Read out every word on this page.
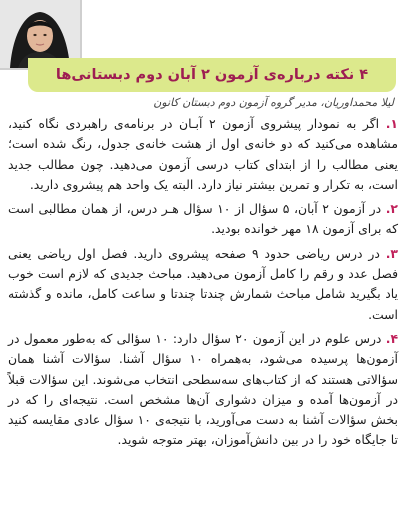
۴ نکته درباره‌ی آزمون ۲ آبان دوم دبستانی‌ها
لیلا محمداوریان، مدیر گروه آزمون دوم دبستان کانون

۱. اگر به نمودار پیشروی آزمون ۲ آبـان در برنامه‌ی راهبردی نگاه کنید، مشاهده می‌کنید که دو خانه‌ی اول از هشت خانه‌ی جدول، رنگ شده است؛ یعنی مطالب را از ابتدای کتاب درسی آزمون می‌دهید. چون مطالب جدید است، به تکرار و تمرین بیشتر نیاز دارد. البته یک واحد هم پیشروی دارید.

۲. در آزمون ۲ آبان، ۵ سؤال از ۱۰ سؤال هـر درس، از همان مطالبی است که برای آزمون ۱۸ مهر خوانده بودید.

۳. در درس ریاضی حدود ۹ صفحه پیشروی دارید. فصل اول ریاضی یعنی فصل عدد و رقم را کامل آزمون می‌دهید. مباحث جدیدی که لازم است خوب یاد بگیرید شامل مباحث شمارش چندتا چندتا و ساعت کامل، مانده و گذشته است.

۴. درس علوم در این آزمون ۲۰ سؤال دارد: ۱۰ سؤالی که به‌طور معمول در آزمون‌ها پرسیده می‌شود، به‌همراه ۱۰ سؤال آشنا. سؤالات آشنا همان سؤالاتی هستند که از کتاب‌های سه‌سطحی انتخاب می‌شوند. این سؤالات قبلاً در آزمون‌ها آمده و میزان دشواری آن‌ها مشخص است. نتیجه‌ای را که در بخش سؤالات آشنا به دست می‌آورید، با نتیجه‌ی ۱۰ سؤال عادی مقایسه کنید تا جایگاه خود را در بین دانش‌آموزان، بهتر متوجه شوید.
